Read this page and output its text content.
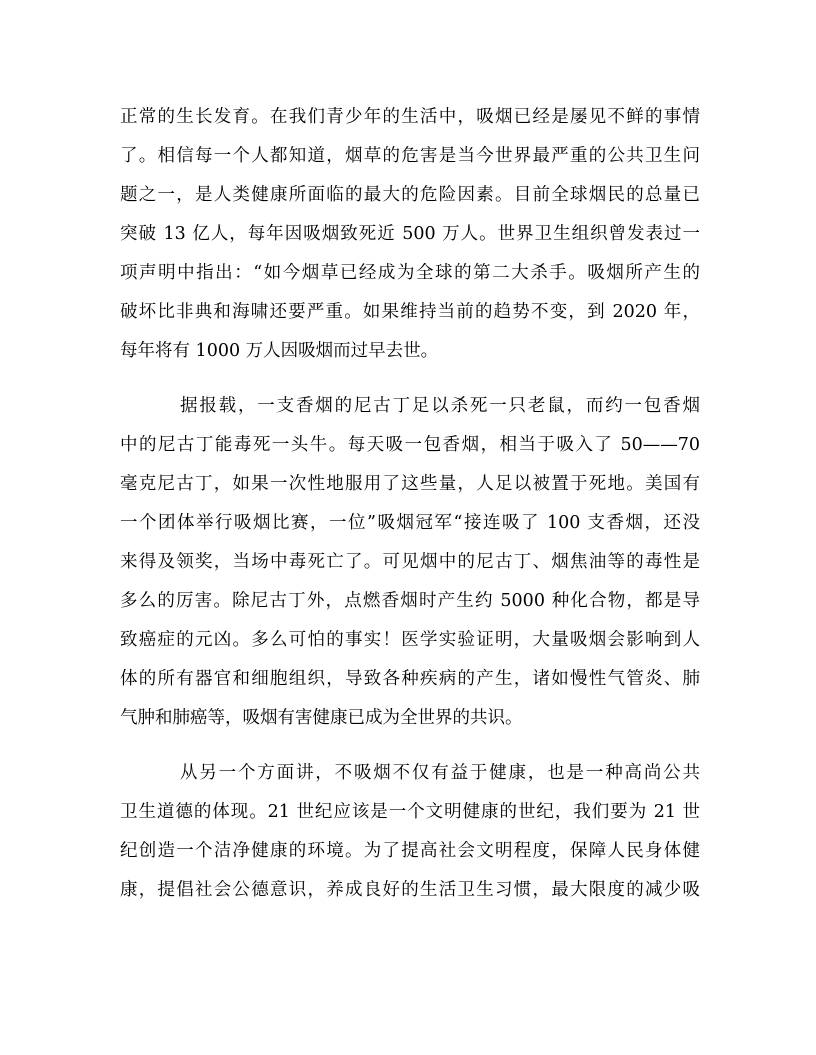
正常的生长发育。在我们青少年的生活中，吸烟已经是屡见不鲜的事情
了。相信每一个人都知道，烟草的危害是当今世界最严重的公共卫生问
题之一，是人类健康所面临的最大的危险因素。目前全球烟民的总量已
突破 13 亿人，每年因吸烟致死近 500 万人。世界卫生组织曾发表过一
项声明中指出：“如今烟草已经成为全球的第二大杀手。吸烟所产生的
破坏比非典和海啸还要严重。如果维持当前的趋势不变，到 2020 年，
每年将有 1000 万人因吸烟而过早去世。
据报载，一支香烟的尼古丁足以杀死一只老鼠，而约一包香烟
中的尼古丁能毒死一头牛。每天吸一包香烟，相当于吸入了 50——70
毫克尼古丁，如果一次性地服用了这些量，人足以被置于死地。美国有
一个团体举行吸烟比赛，一位”吸烟冠军“接连吸了 100 支香烟，还没
来得及领奖，当场中毒死亡了。可见烟中的尼古丁、烟焦油等的毒性是
多么的厉害。除尼古丁外，点燃香烟时产生约 5000 种化合物，都是导
致癌症的元凶。多么可怕的事实！医学实验证明，大量吸烟会影响到人
体的所有器官和细胞组织，导致各种疾病的产生，诸如慢性气管炎、肺
气肿和肺癌等，吸烟有害健康已成为全世界的共识。
从另一个方面讲，不吸烟不仅有益于健康，也是一种高尚公共
卫生道德的体现。21 世纪应该是一个文明健康的世纪，我们要为 21 世
纪创造一个洁净健康的环境。为了提高社会文明程度，保障人民身体健
康，提倡社会公德意识，养成良好的生活卫生习惯，最大限度的减少吸
